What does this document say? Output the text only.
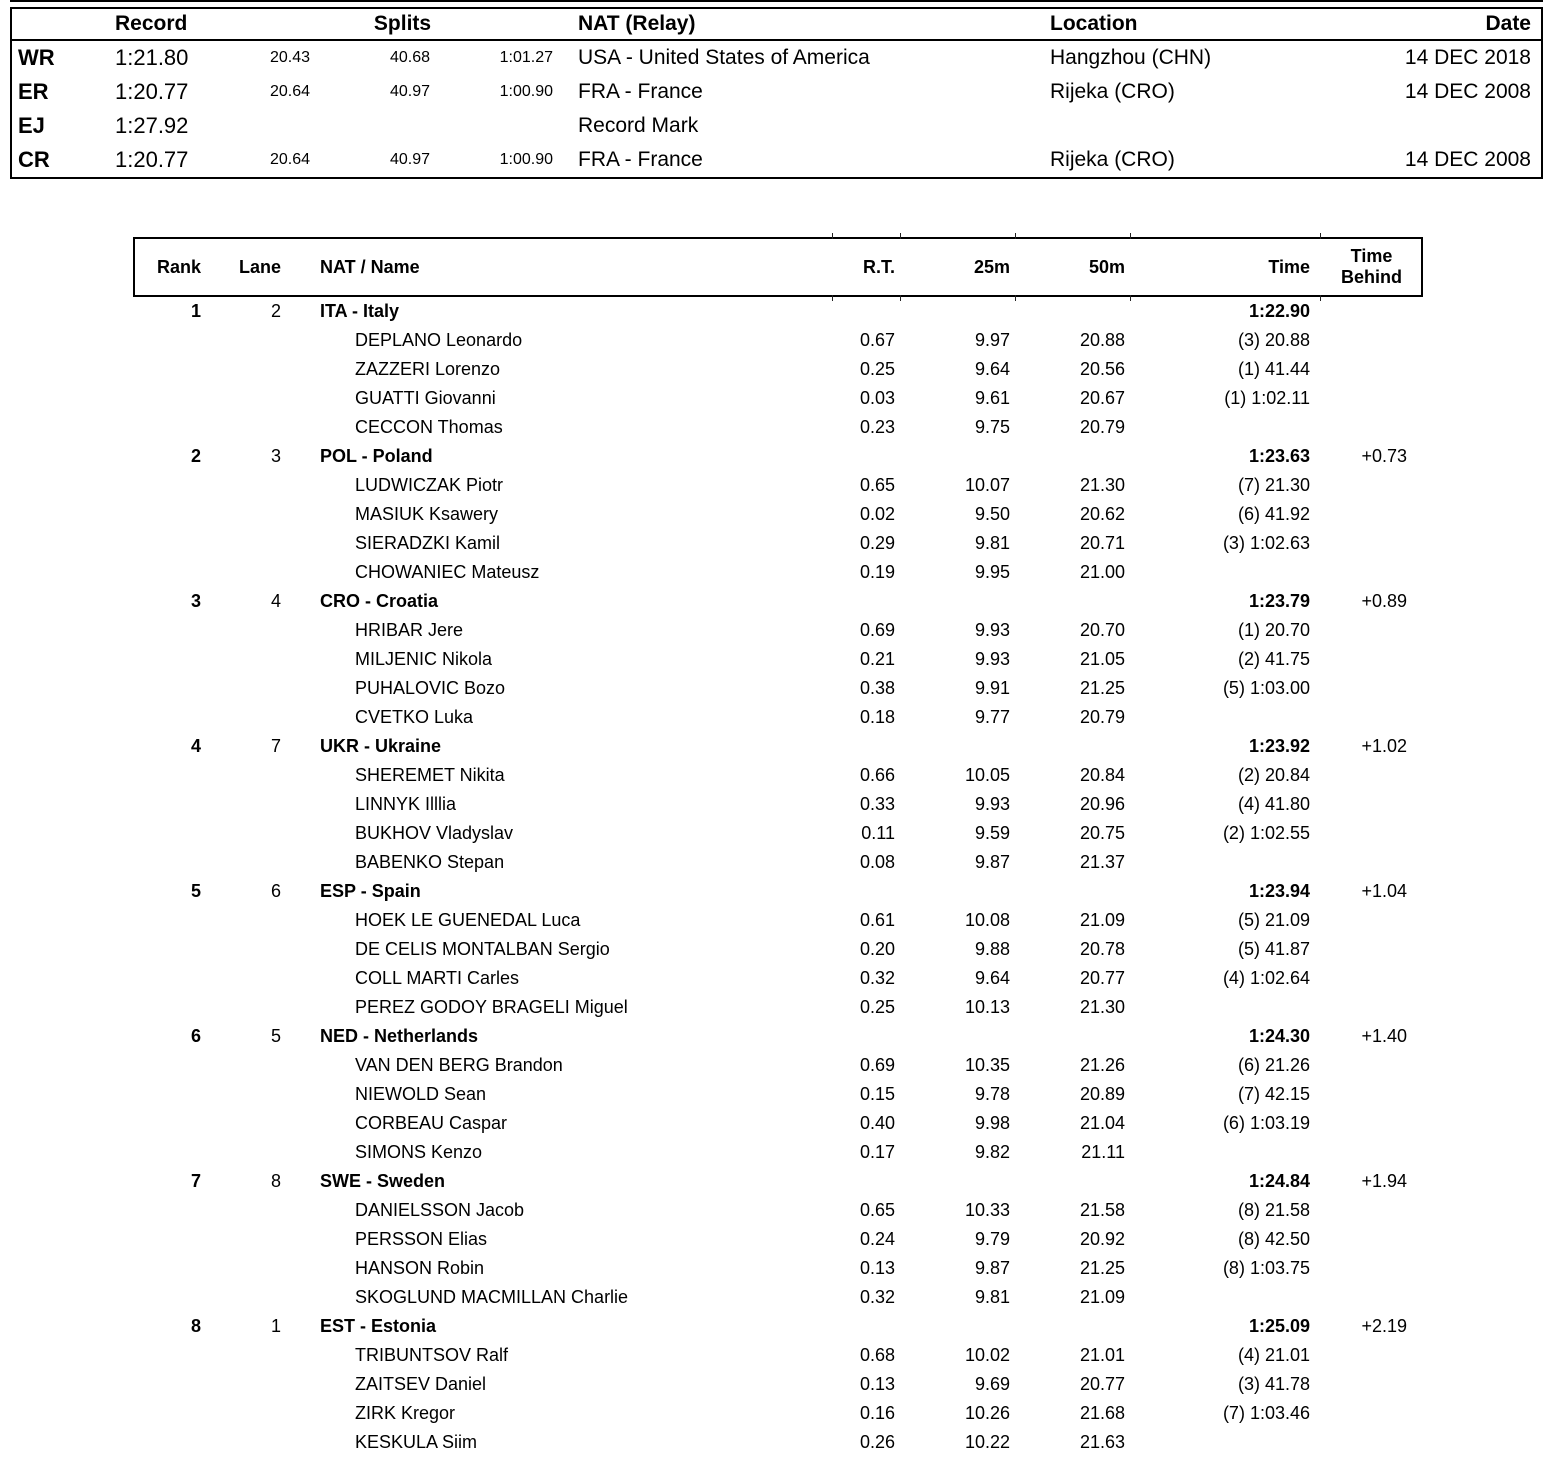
Record	Splits	NAT (Relay)	Location	Date
WR	1:21.80	20.43	40.68	1:01.27	USA - United States of America	Hangzhou (CHN)	14 DEC 2018
ER	1:20.77	20.64	40.97	1:00.90	FRA - France	Rijeka (CRO)	14 DEC 2008
EJ	1:27.92	Record Mark
CR	1:20.77	20.64	40.97	1:00.90	FRA - France	Rijeka (CRO)	14 DEC 2008
Rank	Lane	NAT / Name	R.T.	25m	50m	Time
Time
Behind
1	2	ITA - Italy	1:22.90
DEPLANO Leonardo	0.67	9.97	20.88	(3) 20.88
ZAZZERI Lorenzo	0.25	9.64	20.56	(1) 41.44
GUATTI Giovanni	0.03	9.61	20.67	(1) 1:02.11
CECCON Thomas	0.23	9.75	20.79
2	3	POL - Poland	1:23.63	+0.73
LUDWICZAK Piotr	0.65	10.07	21.30	(7) 21.30
MASIUK Ksawery	0.02	9.50	20.62	(6) 41.92
SIERADZKI Kamil	0.29	9.81	20.71	(3) 1:02.63
CHOWANIEC Mateusz	0.19	9.95	21.00
3	4	CRO - Croatia	1:23.79	+0.89
HRIBAR Jere	0.69	9.93	20.70	(1) 20.70
MILJENIC Nikola	0.21	9.93	21.05	(2) 41.75
PUHALOVIC Bozo	0.38	9.91	21.25	(5) 1:03.00
CVETKO Luka	0.18	9.77	20.79
4	7	UKR - Ukraine	1:23.92	+1.02
SHEREMET Nikita	0.66	10.05	20.84	(2) 20.84
LINNYK Illlia	0.33	9.93	20.96	(4) 41.80
BUKHOV Vladyslav	0.11	9.59	20.75	(2) 1:02.55
BABENKO Stepan	0.08	9.87	21.37
5	6	ESP - Spain	1:23.94	+1.04
HOEK LE GUENEDAL Luca	0.61	10.08	21.09	(5) 21.09
DE CELIS MONTALBAN Sergio	0.20	9.88	20.78	(5) 41.87
COLL MARTI Carles	0.32	9.64	20.77	(4) 1:02.64
PEREZ GODOY BRAGELI Miguel	0.25	10.13	21.30
6	5	NED - Netherlands	1:24.30	+1.40
VAN DEN BERG Brandon	0.69	10.35	21.26	(6) 21.26
NIEWOLD Sean	0.15	9.78	20.89	(7) 42.15
CORBEAU Caspar	0.40	9.98	21.04	(6) 1:03.19
SIMONS Kenzo	0.17	9.82	21.11
7	8	SWE - Sweden	1:24.84	+1.94
DANIELSSON Jacob	0.65	10.33	21.58	(8) 21.58
PERSSON Elias	0.24	9.79	20.92	(8) 42.50
HANSON Robin	0.13	9.87	21.25	(8) 1:03.75
SKOGLUND MACMILLAN Charlie	0.32	9.81	21.09
8	1	EST - Estonia	1:25.09	+2.19
TRIBUNTSOV Ralf	0.68	10.02	21.01	(4) 21.01
ZAITSEV Daniel	0.13	9.69	20.77	(3) 41.78
ZIRK Kregor	0.16	10.26	21.68	(7) 1:03.46
KESKULA Siim	0.26	10.22	21.63
